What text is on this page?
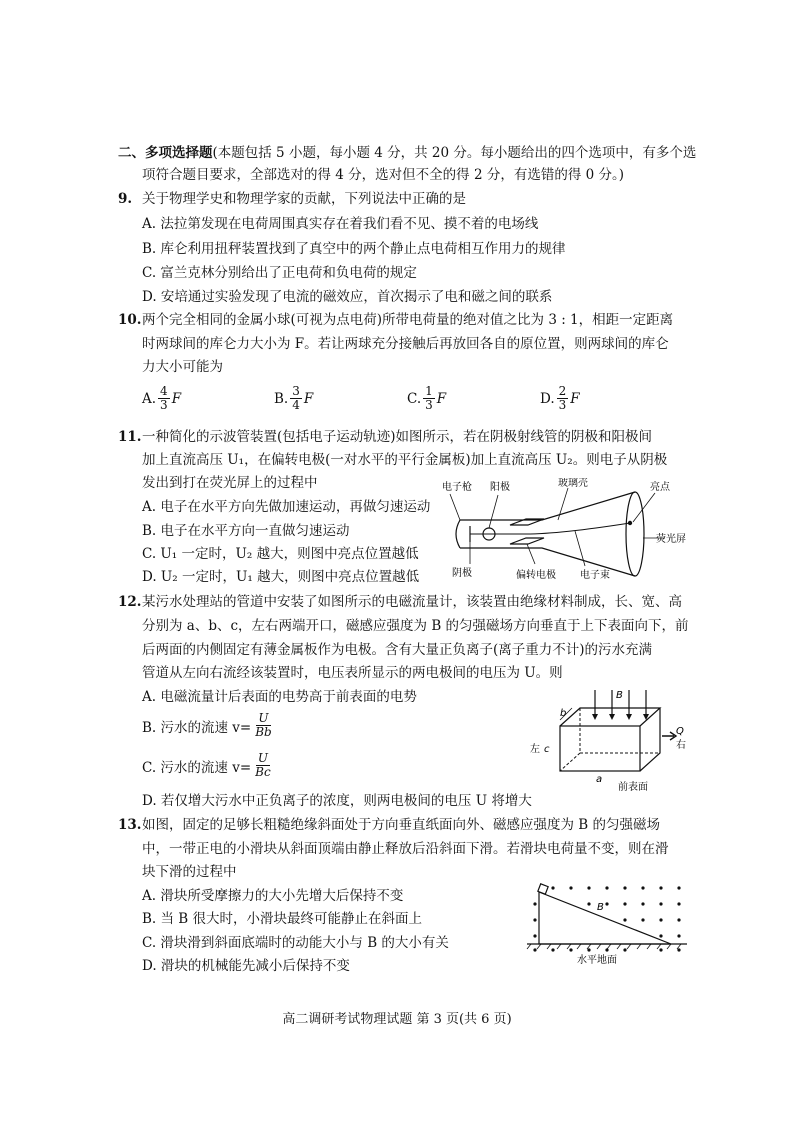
二、多项选择题(本题包括 5 小题，每小题 4 分，共 20 分。每小题给出的四个选项中，有多个选
项符合题目要求，全部选对的得 4 分，选对但不全的得 2 分，有选错的得 0 分。)
9. 关于物理学史和物理学家的贡献，下列说法中正确的是
A. 法拉第发现在电荷周围真实存在着我们看不见、摸不着的电场线
B. 库仑利用扭秤装置找到了真空中的两个静止点电荷相互作用力的规律
C. 富兰克林分别给出了正电荷和负电荷的规定
D. 安培通过实验发现了电流的磁效应，首次揭示了电和磁之间的联系
10. 两个完全相同的金属小球(可视为点电荷)所带电荷量的绝对值之比为 3 : 1，相距一定距离
时两球间的库仑力大小为 F。若让两球充分接触后再放回各自的原位置，则两球间的库仑
力大小可能为
A. $\frac{4}{3}$ F	B. $\frac{3}{4}$ F	C. $\frac{1}{3}$ F	D. $\frac{2}{3}$ F
11. 一种简化的示波管装置(包括电子运动轨迹)如图所示，若在阴极射线管的阴极和阳极间
加上直流高压 U₁，在偏转电极(一对水平的平行金属板)加上直流高压 U₂。则电子从阴极
发出到打在荧光屏上的过程中
A. 电子在水平方向先做加速运动，再做匀速运动
B. 电子在水平方向一直做匀速运动
C. U₁ 一定时，U₂ 越大，则图中亮点位置越低
D. U₂ 一定时，U₁ 越大，则图中亮点位置越低
电子枪 阳极	玻璃壳	亮点
荧光屏
阴极	偏转电极 电子束
12. 某污水处理站的管道中安装了如图所示的电磁流量计，该装置由绝缘材料制成，长、宽、高
分别为 a、b、c，左右两端开口，磁感应强度为 B 的匀强磁场方向垂直于上下表面向下，前
后两面的内侧固定有薄金属板作为电极。含有大量正负离子(离子重力不计)的污水充满
管道从左向右流经该装置时，电压表所显示的两电极间的电压为 U。则
A. 电磁流量计后表面的电势高于前表面的电势
B. 污水的流速 $v= \frac{U}{Bb}$
C. 污水的流速 $v= \frac{U}{Bc}$
D. 若仅增大污水中正负离子的浓度，则两电极间的电压 U 将增大
b
B
Q
右
左 c
a
前表面
13. 如图，固定的足够长粗糙绝缘斜面处于方向垂直纸面向外、磁感应强度为 B 的匀强磁场
中，一带正电的小滑块从斜面顶端由静止释放后沿斜面下滑。若滑块电荷量不变，则在滑
块下滑的过程中
A. 滑块所受摩擦力的大小先增大后保持不变
B. 当 B 很大时，小滑块最终可能静止在斜面上
C. 滑块滑到斜面底端时的动能大小与 B 的大小有关
D. 滑块的机械能先减小后保持不变
B
水平地面
高二调研考试物理试题 第 3 页(共 6 页)
